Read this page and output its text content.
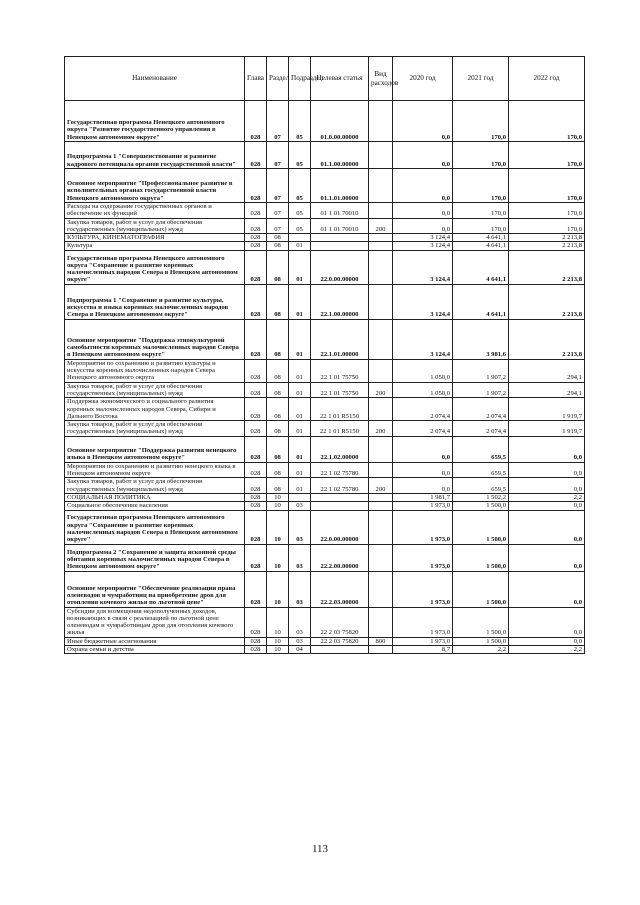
Наименование	Глава	Раздел	Подраздел	Целевая статья	Вид расходов	2020 год	2021 год	2022 год
Государственная программа Ненецкого автономного округа "Развитие государственного управления в Ненецком автономном округе"	028	07	05	01.0.00.00000		0,0	170,0	170,0
Подпрограмма 1 "Совершенствование и развитие кадрового потенциала органов государственной власти"	028	07	05	01.1.00.00000		0,0	170,0	170,0
Основное мероприятие "Профессиональное развитие в исполнительных органах государственной власти Ненецкого автономного округа"	028	07	05	01.1.01.00000		0,0	170,0	170,0
Расходы на содержание государственных органов и обеспечение их функций	028	07	05	01 1 01 70010		0,0	170,0	170,0
Закупка товаров, работ и услуг для обеспечения государственных (муниципальных) нужд	028	07	05	01 1 01 70010	200	0,0	170,0	170,0
КУЛЬТУРА, КИНЕМАТОГРАФИЯ	028	08				3 124,4	4 641,1	2 213,8
Культура	028	08	01			3 124,4	4 641,1	2 213,8
Государственная программа Ненецкого автономного округа "Сохранение и развитие коренных малочисленных народов Севера в Ненецком автономном округе"	028	08	01	22.0.00.00000		3 124,4	4 641,1	2 213,8
Подпрограмма 1 "Сохранение и развитие культуры, искусства и языка коренных малочисленных народов Севера в Ненецком автономном округе"	028	08	01	22.1.00.00000		3 124,4	4 641,1	2 213,8
Основное мероприятие "Поддержка этнокультурной самобытности коренных малочисленных народов Севера в Ненецком автономном округе"	028	08	01	22.1.01.00000		3 124,4	3 981,6	2 213,8
Мероприятия по сохранению и развитию культуры и искусства коренных малочисленных народов Севера Ненецкого автономного округа	028	08	01	22 1 01 75750		1 050,0	1 907,2	294,1
Закупка товаров, работ и услуг для обеспечения государственных (муниципальных) нужд	028	08	01	22 1 01 75750	200	1 050,0	1 907,2	294,1
Поддержка экономического и социального развития коренных малочисленных народов Севера, Сибири и Дальнего Востока	028	08	01	22 1 01 R5150		2 074,4	2 074,4	1 919,7
Закупка товаров, работ и услуг для обеспечения государственных (муниципальных) нужд	028	08	01	22 1 01 R5150	200	2 074,4	2 074,4	1 919,7
Основное мероприятие "Поддержка развития ненецкого языка в Ненецком автономном округе"	028	08	01	22.1.02.00000		0,0	659,5	0,0
Мероприятия по сохранению и развитию ненецкого языка в Ненецком автономном округе	028	08	01	22 1 02 75780		0,0	659,5	0,0
Закупка товаров, работ и услуг для обеспечения государственных (муниципальных) нужд	028	08	01	22 1 02 75780	200	0,0	659,5	0,0
СОЦИАЛЬНАЯ ПОЛИТИКА	028	10				1 981,7	1 502,2	2,2
Социальное обеспечение населения	028	10	03			1 973,0	1 500,0	0,0
Государственная программа Ненецкого автономного округа "Сохранение и развитие коренных малочисленных народов Севера в Ненецком автономном округе"	028	10	03	22.0.00.00000		1 973,0	1 500,0	0,0
Подпрограмма 2 "Сохранение и защита исконной среды обитания коренных малочисленных народов Севера в Ненецком автономном округе"	028	10	03	22.2.00.00000		1 973,0	1 500,0	0,0
Основное мероприятие "Обеспечение реализации права оленеводов и чумработниц на приобретение дров для отопления кочевого жилья по льготной цене"	028	10	03	22.2.03.00000		1 973,0	1 500,0	0,0
Субсидии для возмещения недополученных доходов, возникающих в связи с реализацией по льготной цене оленеводам и чумработницам дров для отопления кочевого жилья	028	10	03	22 2 03 75820		1 973,0	1 500,0	0,0
Иные бюджетные ассигнования	028	10	03	22 2 03 75820	800	1 973,0	1 500,0	0,0
Охрана семьи и детства	028	10	04			8,7	2,2	2,2
113
